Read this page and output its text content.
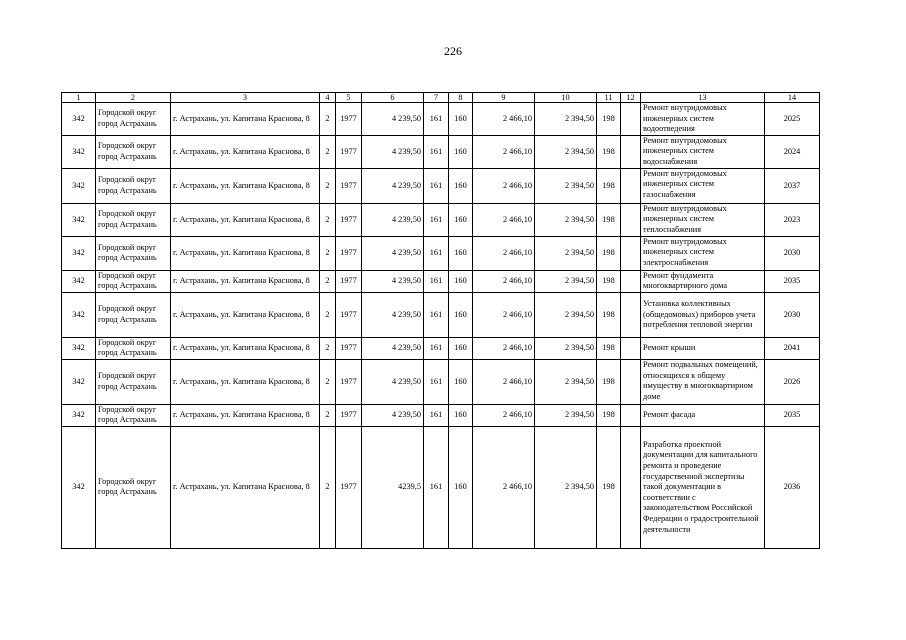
226
1	2	3	4	5	6	7	8	9	10	11	12	13	14
342	Городской округ город Астрахань	г. Астрахань, ул. Капитана Краснова, 8	2	1977	4 239,50	161	160	2 466,10	2 394,50	198		Ремонт внутридомовых инженерных систем водоотведения	2025
342	Городской округ город Астрахань	г. Астрахань, ул. Капитана Краснова, 8	2	1977	4 239,50	161	160	2 466,10	2 394,50	198		Ремонт внутридомовых инженерных систем водоснабжения	2024
342	Городской округ город Астрахань	г. Астрахань, ул. Капитана Краснова, 8	2	1977	4 239,50	161	160	2 466,10	2 394,50	198		Ремонт внутридомовых инженерных систем газоснабжения	2037
342	Городской округ город Астрахань	г. Астрахань, ул. Капитана Краснова, 8	2	1977	4 239,50	161	160	2 466,10	2 394,50	198		Ремонт внутридомовых инженерных систем теплоснабжения	2023
342	Городской округ город Астрахань	г. Астрахань, ул. Капитана Краснова, 8	2	1977	4 239,50	161	160	2 466,10	2 394,50	198		Ремонт внутридомовых инженерных систем электроснабжения	2030
342	Городской округ город Астрахань	г. Астрахань, ул. Капитана Краснова, 8	2	1977	4 239,50	161	160	2 466,10	2 394,50	198		Ремонт фундамента многоквартирного дома	2035
342	Городской округ город Астрахань	г. Астрахань, ул. Капитана Краснова, 8	2	1977	4 239,50	161	160	2 466,10	2 394,50	198		Установка коллективных (общедомовых) приборов учета потребления тепловой энергии	2030
342	Городской округ город Астрахань	г. Астрахань, ул. Капитана Краснова, 8	2	1977	4 239,50	161	160	2 466,10	2 394,50	198		Ремонт крыши	2041
342	Городской округ город Астрахань	г. Астрахань, ул. Капитана Краснова, 8	2	1977	4 239,50	161	160	2 466,10	2 394,50	198		Ремонт подвальных помещений, относящихся к общему имуществу в многоквартирном доме	2026
342	Городской округ город Астрахань	г. Астрахань, ул. Капитана Краснова, 8	2	1977	4 239,50	161	160	2 466,10	2 394,50	198		Ремонт фасада	2035
342	Городской округ город Астрахань	г. Астрахань, ул. Капитана Краснова, 8	2	1977	4239,5	161	160	2 466,10	2 394,50	198		Разработка проектной документации для капитального ремонта и проведение государственной экспертизы такой документации в соответствии с законодательством Российской Федерации о градостроительной деятельности	2036
